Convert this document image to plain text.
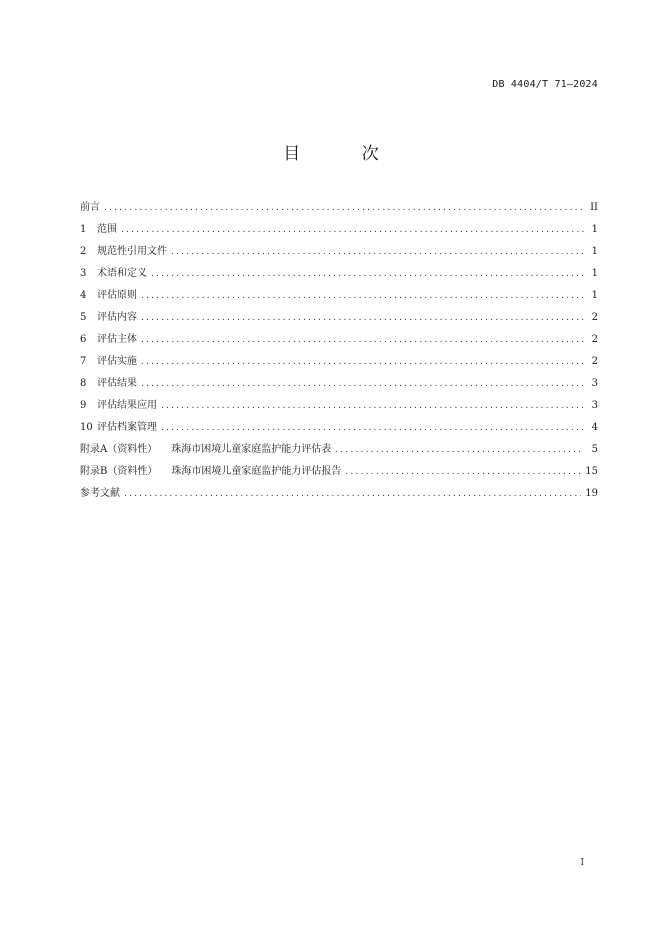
DB 4404/T 71—2024
目 次
前言 .....	II
1 范围 .....	1
2 规范性引用文件 .....	1
3 术语和定义 .....	1
4 评估原则 .....	1
5 评估内容 .....	2
6 评估主体 .....	2
7 评估实施 .....	2
8 评估结果 .....	3
9 评估结果应用 .....	3
10 评估档案管理 .....	4
附录A（资料性） 珠海市困境儿童家庭监护能力评估表 .....	5
附录B（资料性） 珠海市困境儿童家庭监护能力评估报告 .....	15
参考文献 .....	19
I
